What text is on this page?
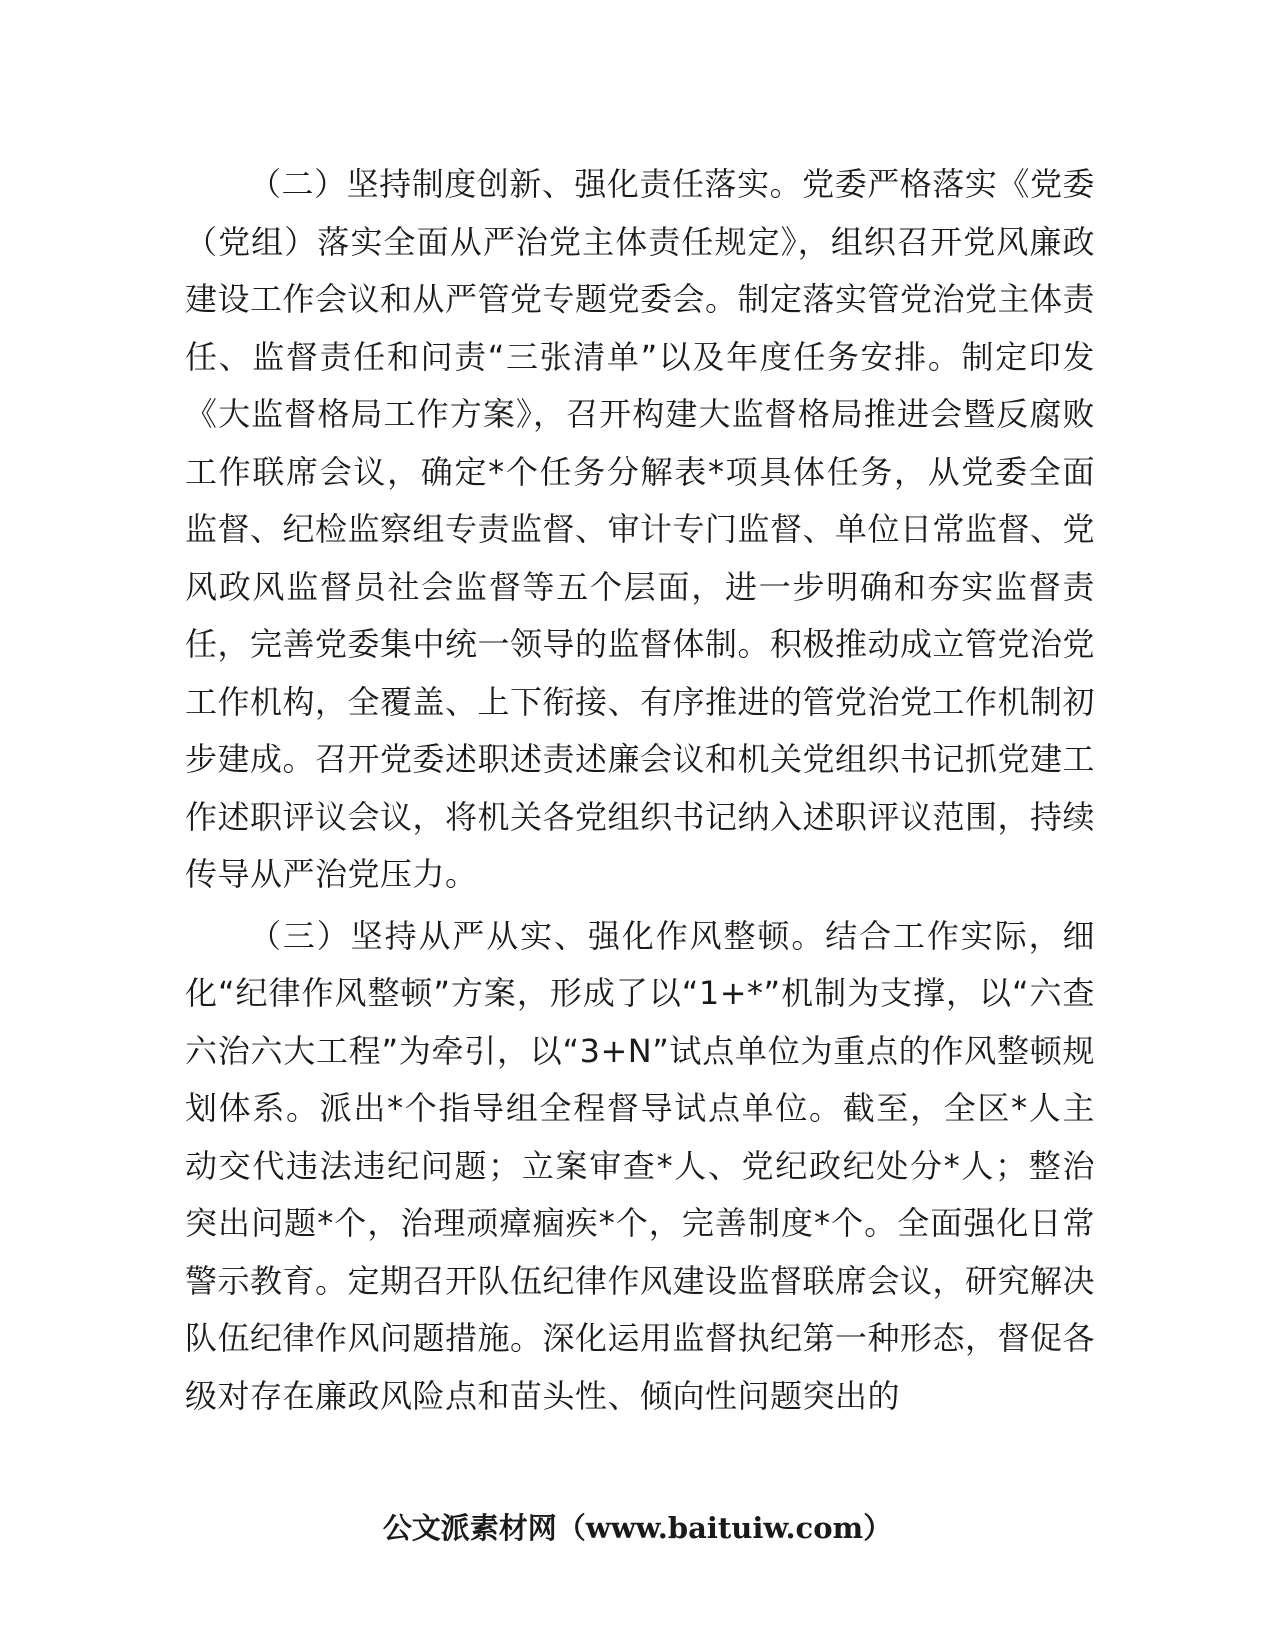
（二）坚持制度创新、强化责任落实。党委严格落实《党委（党组）落实全面从严治党主体责任规定》，组织召开党风廉政建设工作会议和从严管党专题党委会。制定落实管党治党主体责任、监督责任和问责“三张清单”以及年度任务安排。制定印发《大监督格局工作方案》，召开构建大监督格局推进会暨反腐败工作联席会议，确定*个任务分解表*项具体任务，从党委全面监督、纪检监察组专责监督、审计专门监督、单位日常监督、党风政风监督员社会监督等五个层面，进一步明确和夯实监督责任，完善党委集中统一领导的监督体制。积极推动成立管党治党工作机构，全覆盖、上下衔接、有序推进的管党治党工作机制初步建成。召开党委述职述责述廉会议和机关党组织书记抓党建工作述职评议会议，将机关各党组织书记纳入述职评议范围，持续传导从严治党压力。

（三）坚持从严从实、强化作风整顿。结合工作实际，细化“纪律作风整顿”方案，形成了以“1+*”机制为支撑，以“六查六治六大工程”为牵引，以“3+N”试点单位为重点的作风整顿规划体系。派出*个指导组全程督导试点单位。截至，全区*人主动交代违法违纪问题；立案审查*人、党纪政纪处分*人；整治突出问题*个，治理顽瘴痼疾*个，完善制度*个。全面强化日常警示教育。定期召开队伍纪律作风建设监督联席会议，研究解决队伍纪律作风问题措施。深化运用监督执纪第一种形态，督促各级对存在廉政风险点和苗头性、倾向性问题突出的

公文派素材网（www.baituiw.com）
